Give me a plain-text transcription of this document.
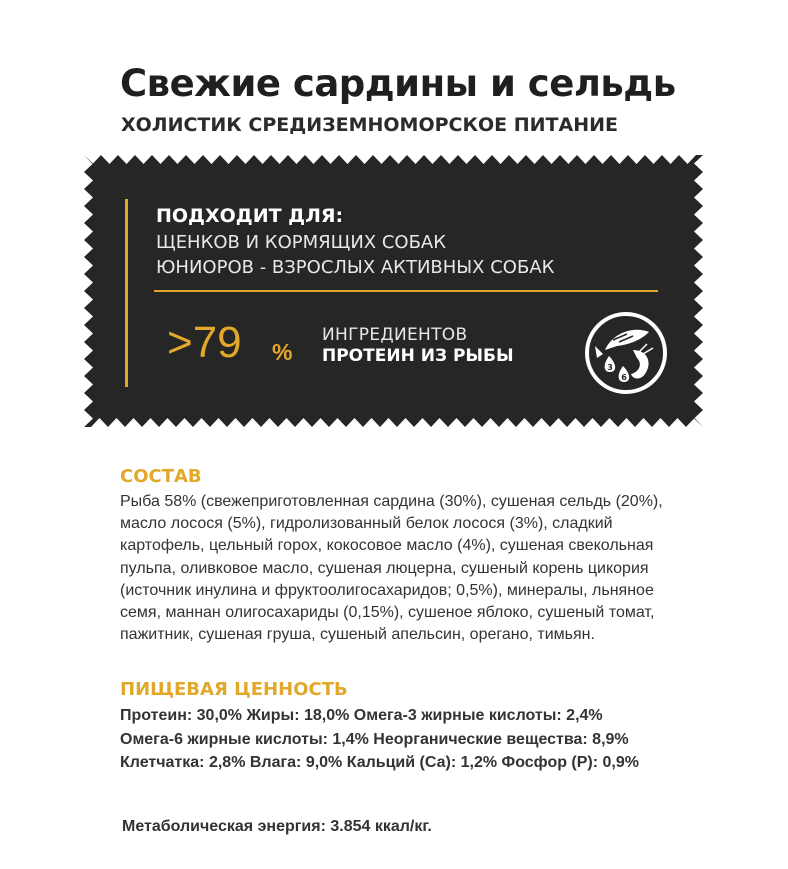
Свежие сардины и сельдь
ХОЛИСТИК СРЕДИЗЕМНОМОРСКОЕ ПИТАНИЕ
ПОДХОДИТ ДЛЯ:
ЩЕНКОВ И КОРМЯЩИХ СОБАК
ЮНИОРОВ - ВЗРОСЛЫХ АКТИВНЫХ СОБАК
>79 %
ИНГРЕДИЕНТОВ
ПРОТЕИН ИЗ РЫБЫ
3
6
СОСТАВ
Рыба 58% (свежеприготовленная сардина (30%), сушеная сельдь (20%),
масло лосося (5%), гидролизованный белок лосося (3%), сладкий
картофель, цельный горох, кокосовое масло (4%), сушеная свекольная
пульпа, оливковое масло, сушеная люцерна, сушеный корень цикория
(источник инулина и фруктоолигосахаридов; 0,5%), минералы, льняное
семя, маннан олигосахариды (0,15%), сушеное яблоко, сушеный томат,
пажитник, сушеная груша, сушеный апельсин, орегано, тимьян.
ПИЩЕВАЯ ЦЕННОСТЬ
Протеин: 30,0% Жиры: 18,0% Омега-3 жирные кислоты: 2,4%
Омега-6 жирные кислоты: 1,4% Неорганические вещества: 8,9%
Клетчатка: 2,8% Влага: 9,0% Кальций (Са): 1,2% Фосфор (Р): 0,9%
Метаболическая энергия: 3.854 ккал/кг.
